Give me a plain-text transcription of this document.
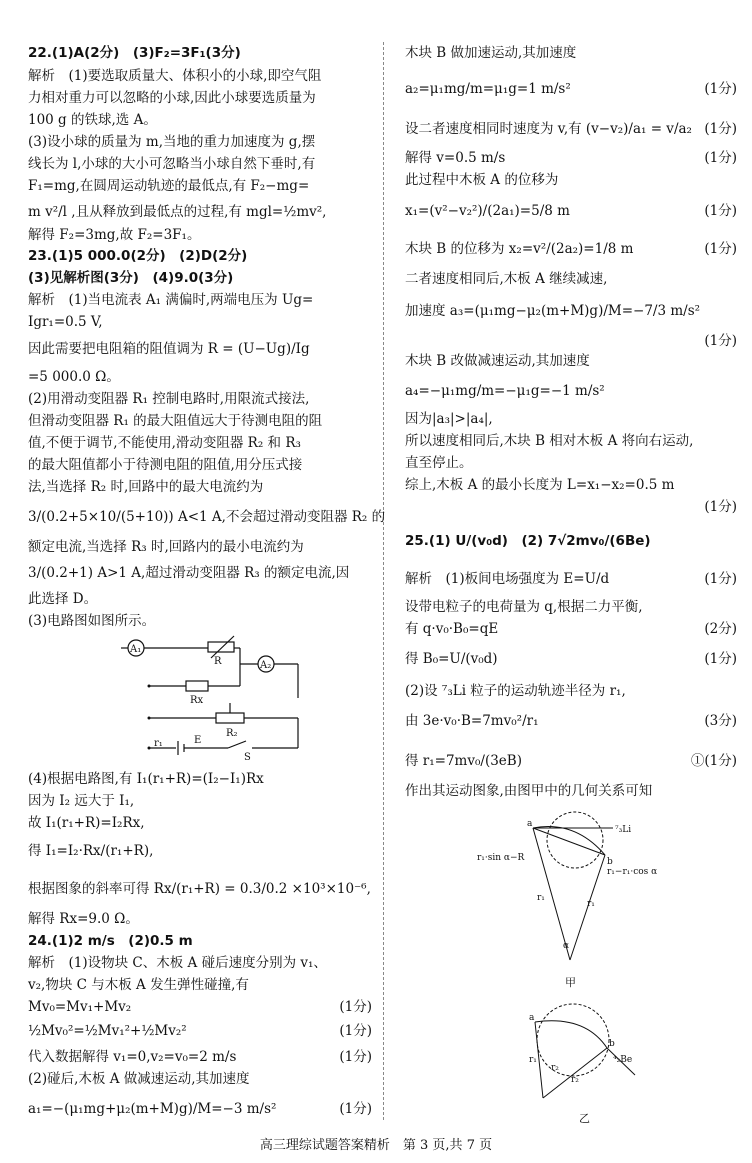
22.(1)A(2分)　(3)F₂=3F₁(3分)
解析　(1)要选取质量大、体积小的小球,即空气阻
力相对重力可以忽略的小球,因此小球要选质量为
100 g 的铁球,选 A。
(3)设小球的质量为 m,当地的重力加速度为 g,摆
线长为 l,小球的大小可忽略当小球自然下垂时,有
F₁=mg,在圆周运动轨迹的最低点,有 F₂−mg=
m v²/l ,且从释放到最低点的过程,有 mgl=½mv²,
解得 F₂=3mg,故 F₂=3F₁。
23.(1)5 000.0(2分)　(2)D(2分)
(3)见解析图(3分)　(4)9.0(3分)
解析　(1)当电流表 A₁ 满偏时,两端电压为 Ug=
Igr₁=0.5 V,
因此需要把电阻箱的阻值调为 R = (U−Ug)/Ig
=5 000.0 Ω。
(2)用滑动变阻器 R₁ 控制电路时,用限流式接法,
但滑动变阻器 R₁ 的最大阻值远大于待测电阻的阻
值,不便于调节,不能使用,滑动变阻器 R₂ 和 R₃
的最大阻值都小于待测电阻的阻值,用分压式接
法,当选择 R₂ 时,回路中的最大电流约为
3/(0.2+5×10/(5+10)) A<1 A,不会超过滑动变阻器 R₂ 的
额定电流,当选择 R₃ 时,回路内的最小电流约为
3/(0.2+1) A>1 A,超过滑动变阻器 R₃ 的额定电流,因
此选择 D。
(3)电路图如图所示。
A₁
A₂
R
Rx
R₂
r₁	E
S
(4)根据电路图,有 I₁(r₁+R)=(I₂−I₁)Rx
因为 I₂ 远大于 I₁,
故 I₁(r₁+R)=I₂Rx,
得 I₁=I₂·Rx/(r₁+R),
根据图象的斜率可得 Rx/(r₁+R) = 0.3/0.2 ×10³×10⁻⁶,
解得 Rx=9.0 Ω。
24.(1)2 m/s　(2)0.5 m
解析　(1)设物块 C、木板 A 碰后速度分别为 v₁、
v₂,物块 C 与木板 A 发生弹性碰撞,有
Mv₀=Mv₁+Mv₂	(1分)
½Mv₀²=½Mv₁²+½Mv₂²	(1分)
代入数据解得 v₁=0,v₂=v₀=2 m/s	(1分)
(2)碰后,木板 A 做减速运动,其加速度
a₁=−(μ₁mg+μ₂(m+M)g)/M=−3 m/s²	(1分)
木块 B 做加速运动,其加速度
a₂=μ₁mg/m=μ₁g=1 m/s²	(1分)
设二者速度相同时速度为 v,有 (v−v₂)/a₁ = v/a₂ (1分)
解得 v=0.5 m/s	(1分)
此过程中木板 A 的位移为
x₁=(v²−v₂²)/(2a₁)=5/8 m	(1分)
木块 B 的位移为 x₂=v²/(2a₂)=1/8 m	(1分)
二者速度相同后,木板 A 继续减速,
加速度 a₃=(μ₁mg−μ₂(m+M)g)/M=−7/3 m/s²
(1分)
木块 B 改做减速运动,其加速度
a₄=−μ₁mg/m=−μ₁g=−1 m/s²
因为|a₃|>|a₄|,
所以速度相同后,木块 B 相对木板 A 将向右运动,
直至停止。
综上,木板 A 的最小长度为 L=x₁−x₂=0.5 m
(1分)
25.(1) U/(v₀d)　(2) 7√2mv₀/(6Be)
解析　(1)板间电场强度为 E=U/d	(1分)
设带电粒子的电荷量为 q,根据二力平衡,
有 q·v₀·B₀=qE	(2分)
得 B₀=U/(v₀d)	(1分)
(2)设 ⁷₃Li 粒子的运动轨迹半径为 r₁,
由 3e·v₀·B=7mv₀²/r₁	(3分)
得 r₁=7mv₀/(3eB)	①(1分)
作出其运动图象,由图甲中的几何关系可知
a
b
⁷₃Li
r₁·sin α−R
r₁−r₁·cos α
r₁
r₁
α
甲
a
b
⁴₂Be
r₁
r₂
r₂
乙
高三理综试题答案精析　第 3 页,共 7 页
